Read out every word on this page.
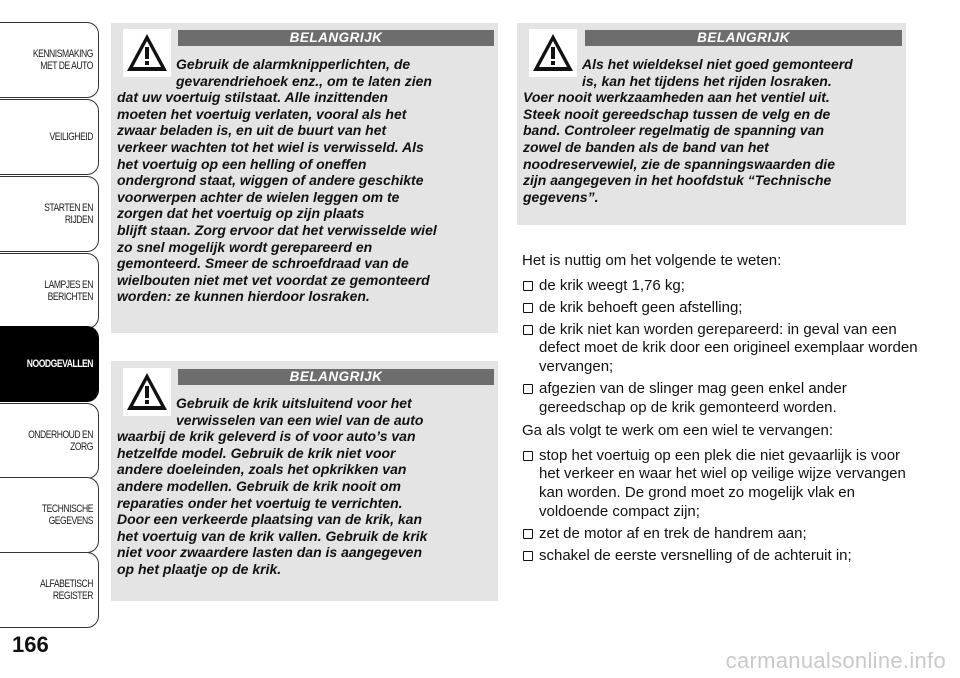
KENNISMAKING
MET DE AUTO
VEILIGHEID
STARTEN EN RIJDEN
LAMPJES EN
BERICHTEN
NOODGEVALLEN
ONDERHOUD EN
ZORG
TECHNISCHE
GEGEVENS
ALFABETISCH
REGISTER
166
BELANGRIJK
Gebruik de alarmknipperlichten, de
gevarendriehoek enz., om te laten zien
dat uw voertuig stilstaat. Alle inzittenden
moeten het voertuig verlaten, vooral als het
zwaar beladen is, en uit de buurt van het
verkeer wachten tot het wiel is verwisseld. Als
het voertuig op een helling of oneffen
ondergrond staat, wiggen of andere geschikte
voorwerpen achter de wielen leggen om te
zorgen dat het voertuig op zijn plaats
blijft staan. Zorg ervoor dat het verwisselde wiel
zo snel mogelijk wordt gerepareerd en
gemonteerd. Smeer de schroefdraad van de
wielbouten niet met vet voordat ze gemonteerd
worden: ze kunnen hierdoor losraken.
BELANGRIJK
Gebruik de krik uitsluitend voor het
verwisselen van een wiel van de auto
waarbij de krik geleverd is of voor auto’s van
hetzelfde model. Gebruik de krik niet voor
andere doeleinden, zoals het opkrikken van
andere modellen. Gebruik de krik nooit om
reparaties onder het voertuig te verrichten.
Door een verkeerde plaatsing van de krik, kan
het voertuig van de krik vallen. Gebruik de krik
niet voor zwaardere lasten dan is aangegeven
op het plaatje op de krik.
BELANGRIJK
Als het wieldeksel niet goed gemonteerd
is, kan het tijdens het rijden losraken.
Voer nooit werkzaamheden aan het ventiel uit.
Steek nooit gereedschap tussen de velg en de
band. Controleer regelmatig de spanning van
zowel de banden als de band van het
noodreservewiel, zie de spanningswaarden die
zijn aangegeven in het hoofdstuk “Technische
gegevens”.

Het is nuttig om het volgende te weten:

de krik weegt 1,76 kg;
de krik behoeft geen afstelling;
de krik niet kan worden gerepareerd: in geval van een defect moet de krik door een origineel exemplaar worden vervangen;
afgezien van de slinger mag geen enkel ander gereedschap op de krik gemonteerd worden.

Ga als volgt te werk om een wiel te vervangen:

stop het voertuig op een plek die niet gevaarlijk is voor het verkeer en waar het wiel op veilige wijze vervangen kan worden. De grond moet zo mogelijk vlak en voldoende compact zijn;
zet de motor af en trek de handrem aan;
schakel de eerste versnelling of de achteruit in;
carmanualsonline.info
